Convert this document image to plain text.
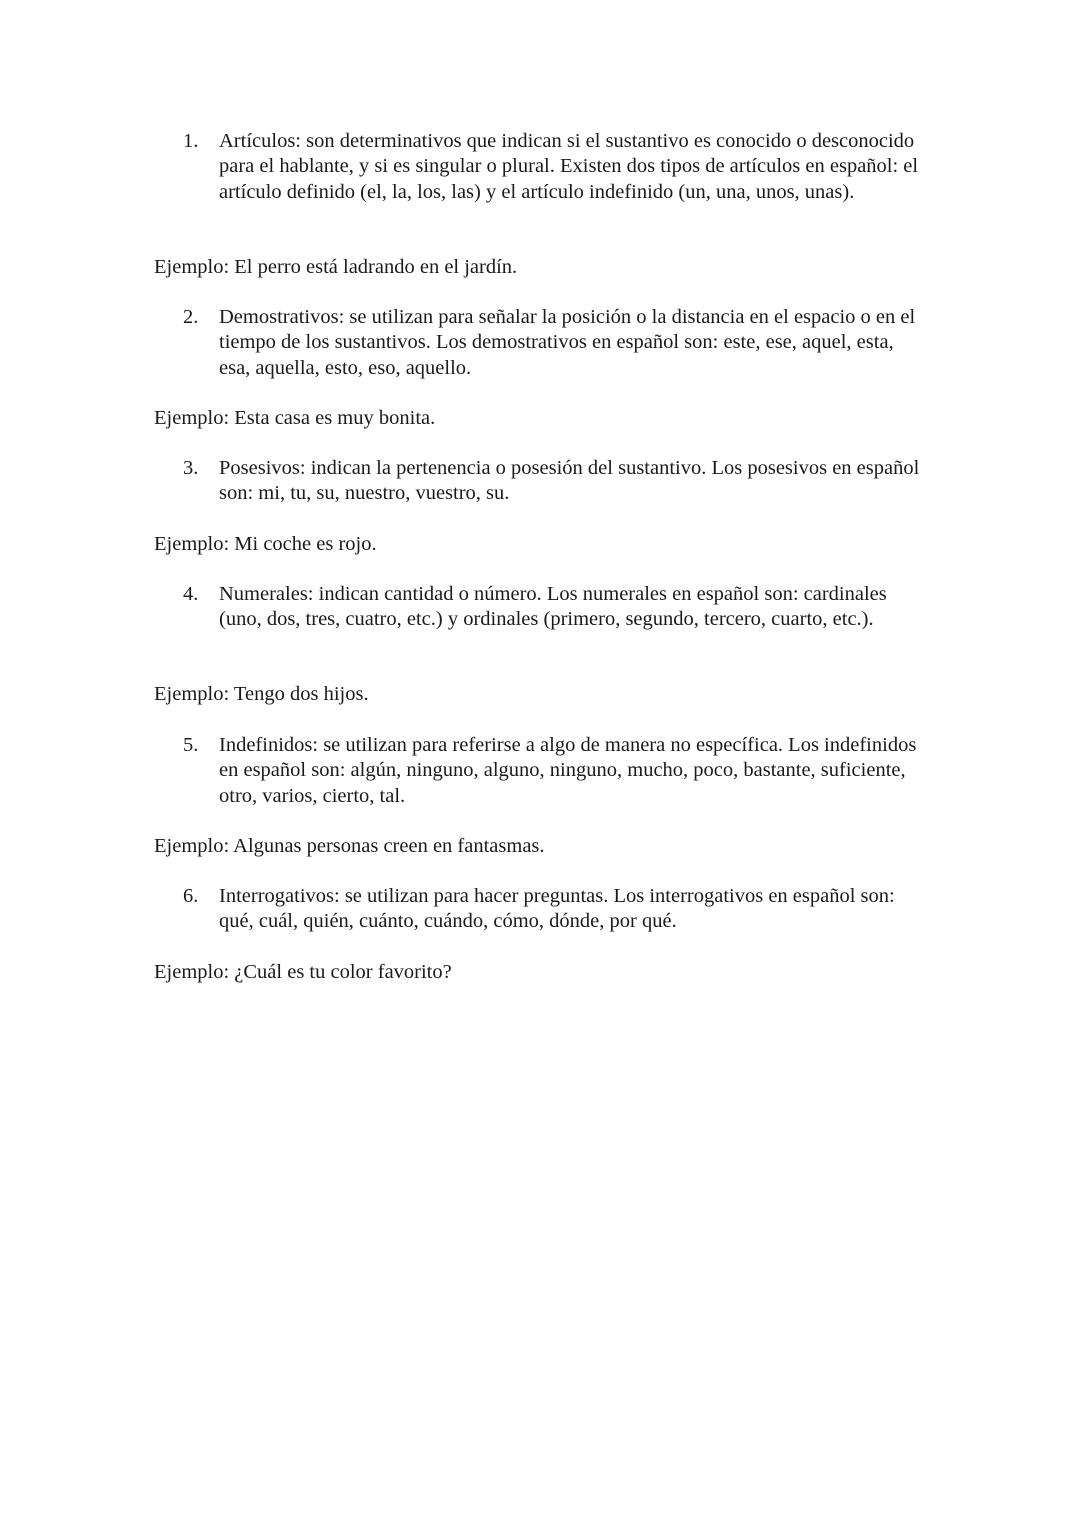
1.	Artículos: son determinativos que indican si el sustantivo es conocido o desconocido para el hablante, y si es singular o plural. Existen dos tipos de artículos en español: el artículo definido (el, la, los, las) y el artículo indefinido (un, una, unos, unas).
Ejemplo: El perro está ladrando en el jardín.
2.	Demostrativos: se utilizan para señalar la posición o la distancia en el espacio o en el tiempo de los sustantivos. Los demostrativos en español son: este, ese, aquel, esta, esa, aquella, esto, eso, aquello.
Ejemplo: Esta casa es muy bonita.
3.	Posesivos: indican la pertenencia o posesión del sustantivo. Los posesivos en español son: mi, tu, su, nuestro, vuestro, su.
Ejemplo: Mi coche es rojo.
4.	Numerales: indican cantidad o número. Los numerales en español son: cardinales (uno, dos, tres, cuatro, etc.) y ordinales (primero, segundo, tercero, cuarto, etc.).
Ejemplo: Tengo dos hijos.
5.	Indefinidos: se utilizan para referirse a algo de manera no específica. Los indefinidos en español son: algún, ninguno, alguno, ninguno, mucho, poco, bastante, suficiente, otro, varios, cierto, tal.
Ejemplo: Algunas personas creen en fantasmas.
6.	Interrogativos: se utilizan para hacer preguntas. Los interrogativos en español son: qué, cuál, quién, cuánto, cuándo, cómo, dónde, por qué.
Ejemplo: ¿Cuál es tu color favorito?
